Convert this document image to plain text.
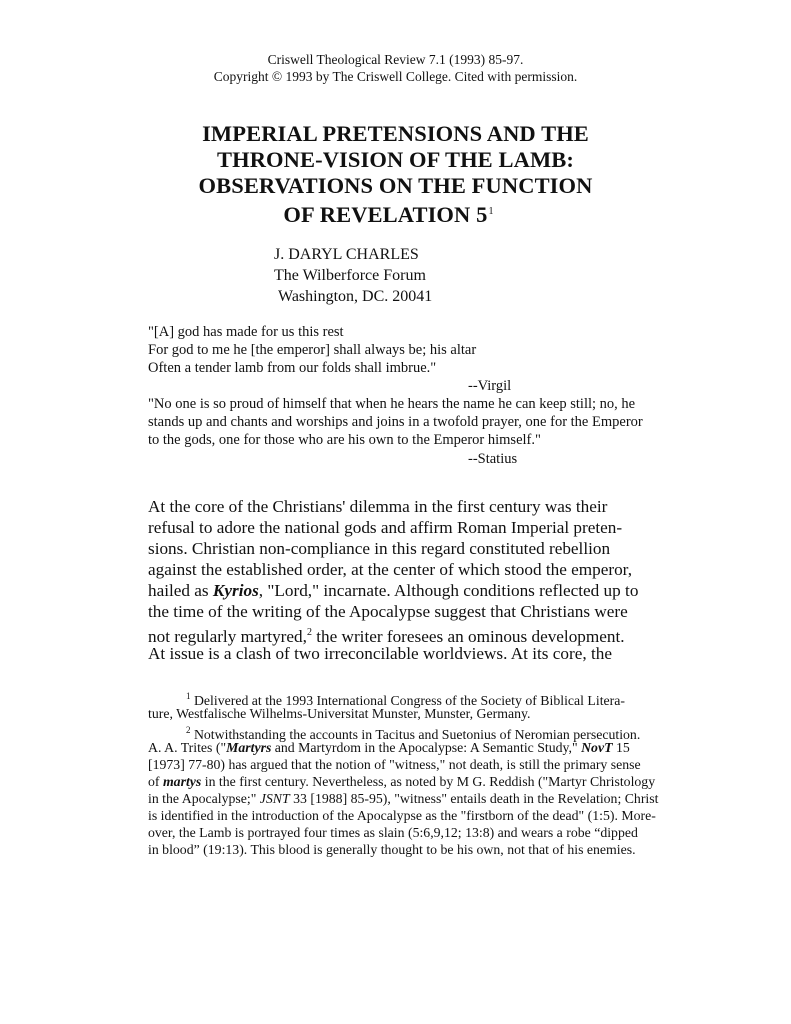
Criswell Theological Review 7.1 (1993) 85-97.
Copyright © 1993 by The Criswell College. Cited with permission.
IMPERIAL PRETENSIONS AND THE
THRONE-VISION OF THE LAMB:
OBSERVATIONS ON THE FUNCTION
OF REVELATION $5^1$
J. DARYL CHARLES
The Wilberforce Forum
Washington, DC. 20041
"[A] god has made for us this rest
For god to me he [the emperor] shall always be; his altar
Often a tender lamb from our folds shall imbrue."
--Virgil
"No one is so proud of himself that when he hears the name he can keep still; no, he
stands up and chants and worships and joins in a twofold prayer, one for the Emperor
to the gods, one for those who are his own to the Emperor himself."
--Statius
At the core of the Christians' dilemma in the first century was their
refusal to adore the national gods and affirm Roman Imperial preten-
sions. Christian non-compliance in this regard constituted rebellion
against the established order, at the center of which stood the emperor,
hailed as Kyrios, "Lord," incarnate. Although conditions reflected up to
the time of the writing of the Apocalypse suggest that Christians were
not regularly martyred,$^2$ the writer foresees an ominous development.
At issue is a clash of two irreconcilable worldviews. At its core, the
$^1$ Delivered at the 1993 International Congress of the Society of Biblical Litera-
ture, Westfalische Wilhelms-Universitat Munster, Munster, Germany.
$^2$ Notwithstanding the accounts in Tacitus and Suetonius of Neromian persecution.
A. A. Trites ("Martyrs and Martyrdom in the Apocalypse: A Semantic Study," NovT 15
[1973] 77-80) has argued that the notion of "witness," not death, is still the primary sense
of martys in the first century. Nevertheless, as noted by M G. Reddish ("Martyr Christology
in the Apocalypse;" JSNT 33 [1988] 85-95), "witness" entails death in the Revelation; Christ
is identified in the introduction of the Apocalypse as the "firstborn of the dead" (1:5). More-
over, the Lamb is portrayed four times as slain (5:6,9,12; 13:8) and wears a robe “dipped
in blood” (19:13). This blood is generally thought to be his own, not that of his enemies.
